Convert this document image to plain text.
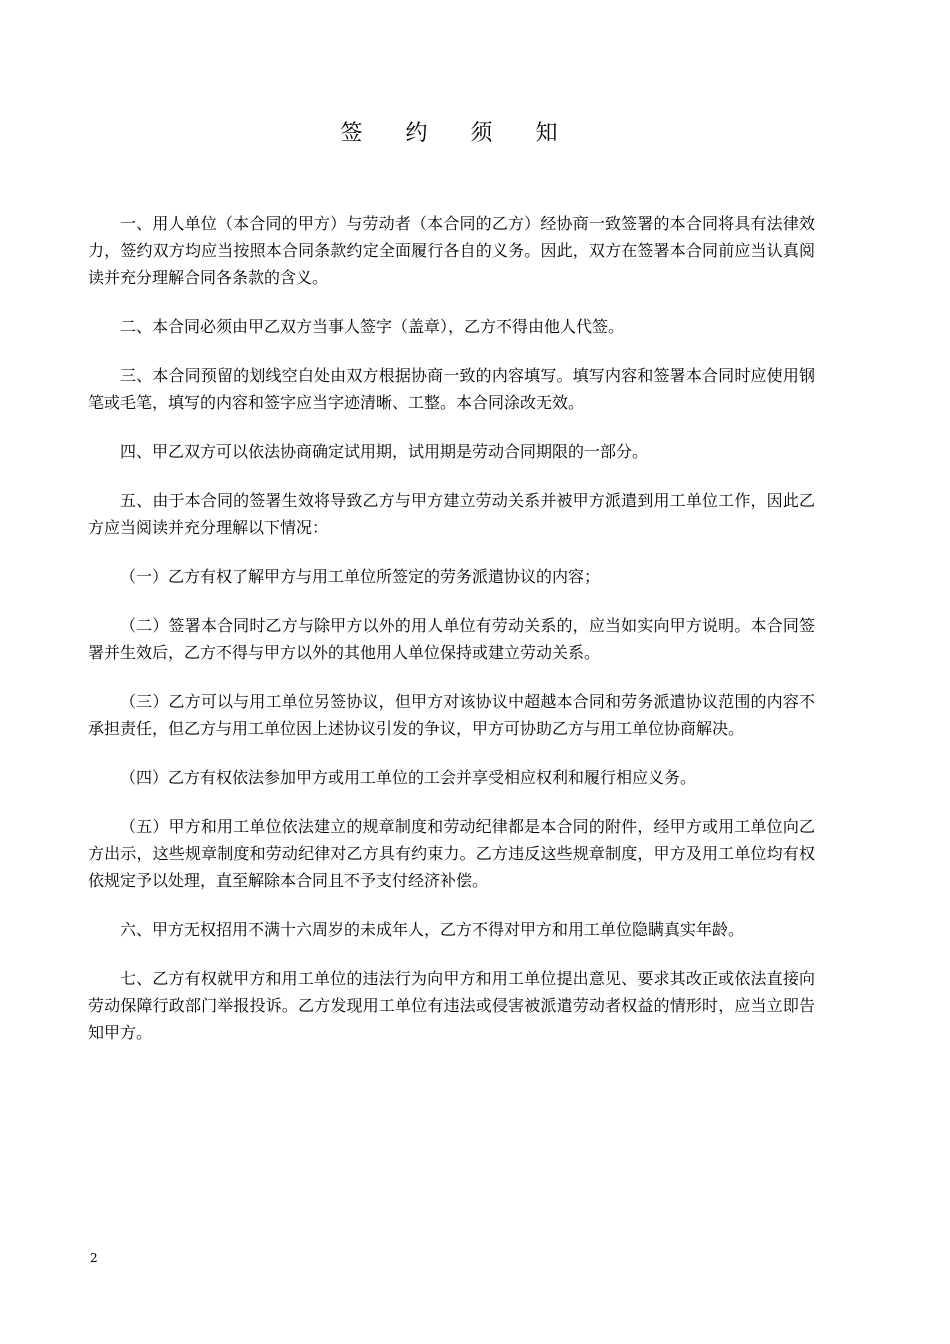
签 约 须 知

一、用人单位（本合同的甲方）与劳动者（本合同的乙方）经协商一致签署的本合同将具有法律效力，签约双方均应当按照本合同条款约定全面履行各自的义务。因此，双方在签署本合同前应当认真阅读并充分理解合同各条款的含义。

二、本合同必须由甲乙双方当事人签字（盖章），乙方不得由他人代签。

三、本合同预留的划线空白处由双方根据协商一致的内容填写。填写内容和签署本合同时应使用钢笔或毛笔，填写的内容和签字应当字迹清晰、工整。本合同涂改无效。

四、甲乙双方可以依法协商确定试用期，试用期是劳动合同期限的一部分。

五、由于本合同的签署生效将导致乙方与甲方建立劳动关系并被甲方派遣到用工单位工作，因此乙方应当阅读并充分理解以下情况：

（一）乙方有权了解甲方与用工单位所签定的劳务派遣协议的内容；

（二）签署本合同时乙方与除甲方以外的用人单位有劳动关系的，应当如实向甲方说明。本合同签署并生效后，乙方不得与甲方以外的其他用人单位保持或建立劳动关系。

（三）乙方可以与用工单位另签协议，但甲方对该协议中超越本合同和劳务派遣协议范围的内容不承担责任，但乙方与用工单位因上述协议引发的争议，甲方可协助乙方与用工单位协商解决。

（四）乙方有权依法参加甲方或用工单位的工会并享受相应权利和履行相应义务。

（五）甲方和用工单位依法建立的规章制度和劳动纪律都是本合同的附件，经甲方或用工单位向乙方出示，这些规章制度和劳动纪律对乙方具有约束力。乙方违反这些规章制度，甲方及用工单位均有权依规定予以处理，直至解除本合同且不予支付经济补偿。

六、甲方无权招用不满十六周岁的未成年人，乙方不得对甲方和用工单位隐瞒真实年龄。

七、乙方有权就甲方和用工单位的违法行为向甲方和用工单位提出意见、要求其改正或依法直接向劳动保障行政部门举报投诉。乙方发现用工单位有违法或侵害被派遣劳动者权益的情形时，应当立即告知甲方。

2
